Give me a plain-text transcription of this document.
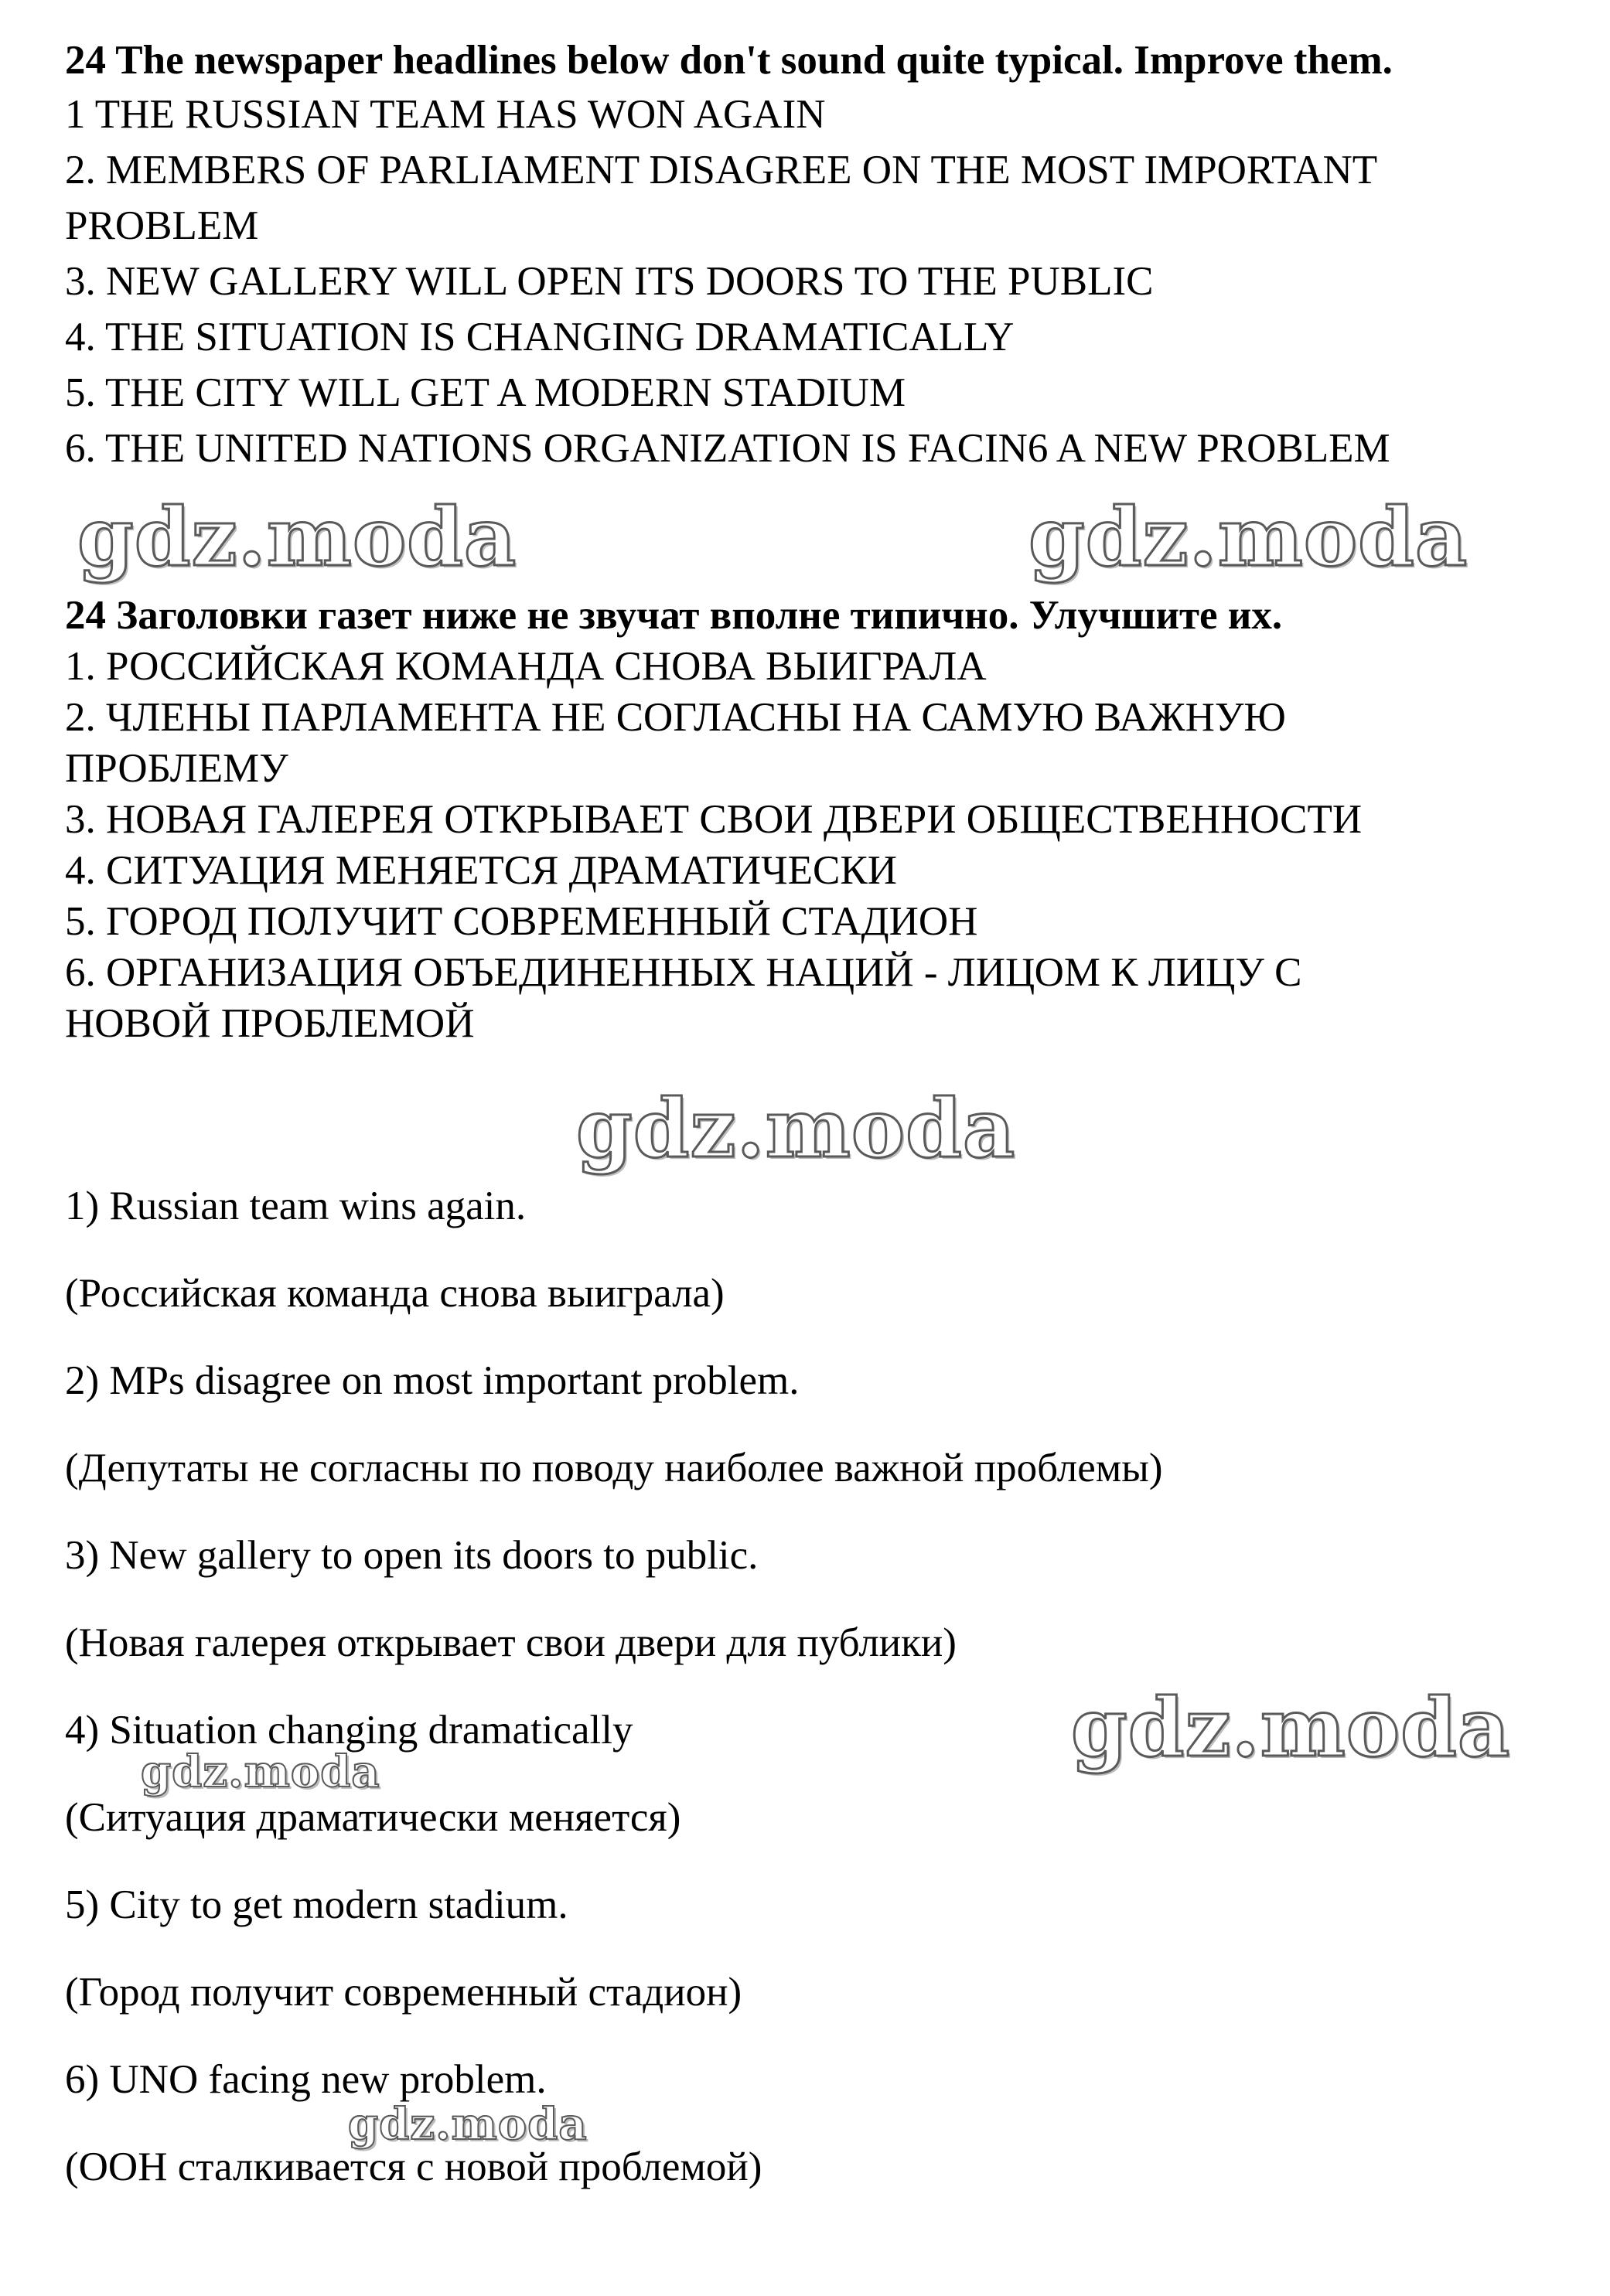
24 The newspaper headlines below don't sound quite typical. Improve them.
1 THE RUSSIAN TEAM HAS WON AGAIN
2. MEMBERS OF PARLIAMENT DISAGREE ON THE MOST IMPORTANT
PROBLEM
3. NEW GALLERY WILL OPEN ITS DOORS TO THE PUBLIC
4. THE SITUATION IS CHANGING DRAMATICALLY
5. THE CITY WILL GET A MODERN STADIUM
6. THE UNITED NATIONS ORGANIZATION IS FACIN6 A NEW PROBLEM
gdz.moda	gdz.moda
24 Заголовки газет ниже не звучат вполне типично. Улучшите их.
1. РОССИЙСКАЯ КОМАНДА СНОВА ВЫИГРАЛА
2. ЧЛЕНЫ ПАРЛАМЕНТА НЕ СОГЛАСНЫ НА САМУЮ ВАЖНУЮ
ПРОБЛЕМУ
3. НОВАЯ ГАЛЕРЕЯ ОТКРЫВАЕТ СВОИ ДВЕРИ ОБЩЕСТВЕННОСТИ
4. СИТУАЦИЯ МЕНЯЕТСЯ ДРАМАТИЧЕСКИ
5. ГОРОД ПОЛУЧИТ СОВРЕМЕННЫЙ СТАДИОН
6. ОРГАНИЗАЦИЯ ОБЪЕДИНЕННЫХ НАЦИЙ - ЛИЦОМ К ЛИЦУ С
НОВОЙ ПРОБЛЕМОЙ
gdz.moda
1) Russian team wins again.
(Российская команда снова выиграла)
2) MPs disagree on most important problem.
(Депутаты не согласны по поводу наиболее важной проблемы)
3) New gallery to open its doors to public.
(Новая галерея открывает свои двери для публики)
4) Situation changing dramatically	gdz.moda
gdz.moda
(Ситуация драматически меняется)
5) City to get modern stadium.
(Город получит современный стадион)
6) UNO facing new problem.
gdz.moda
(ООН сталкивается с новой проблемой)
